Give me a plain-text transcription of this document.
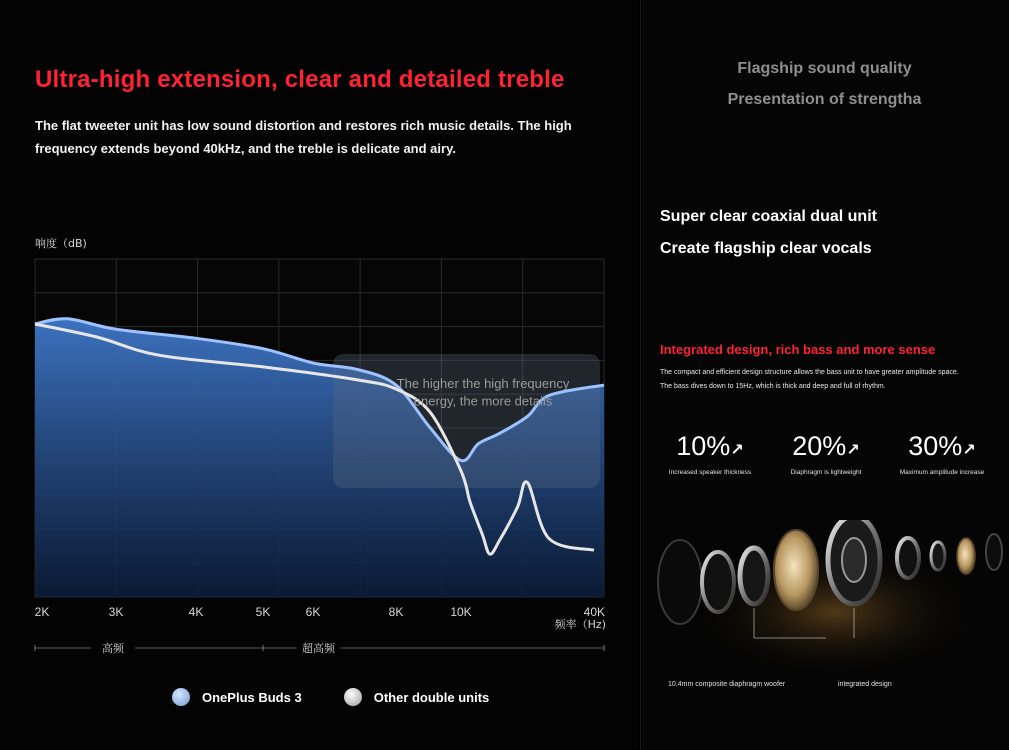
Ultra-high extension, clear and detailed treble

The flat tweeter unit has low sound distortion and restores rich music details. The high frequency extends beyond 40kHz, and the treble is delicate and airy.

The higher the high frequency energy, the more details
响度（dB)
2K	3K	4K	5K	6K	8K	10K	40K
频率（Hz)
高频	超高频
OnePlus Buds 3	Other double units

Flagship sound quality

Presentation of strengtha

Super clear coaxial dual unit

Create flagship clear vocals

Integrated design, rich bass and more sense

The compact and efficient design structure allows the bass unit to have greater amplitude space.
The bass dives down to 15Hz, which is thick and deep and full of rhythm.
10%↗
Increased speaker thickness
20%↗
Diaphragm is lightweight
30%↗
Maximum amplitude increase
10.4mm composite diaphragm woofer	integrated design
